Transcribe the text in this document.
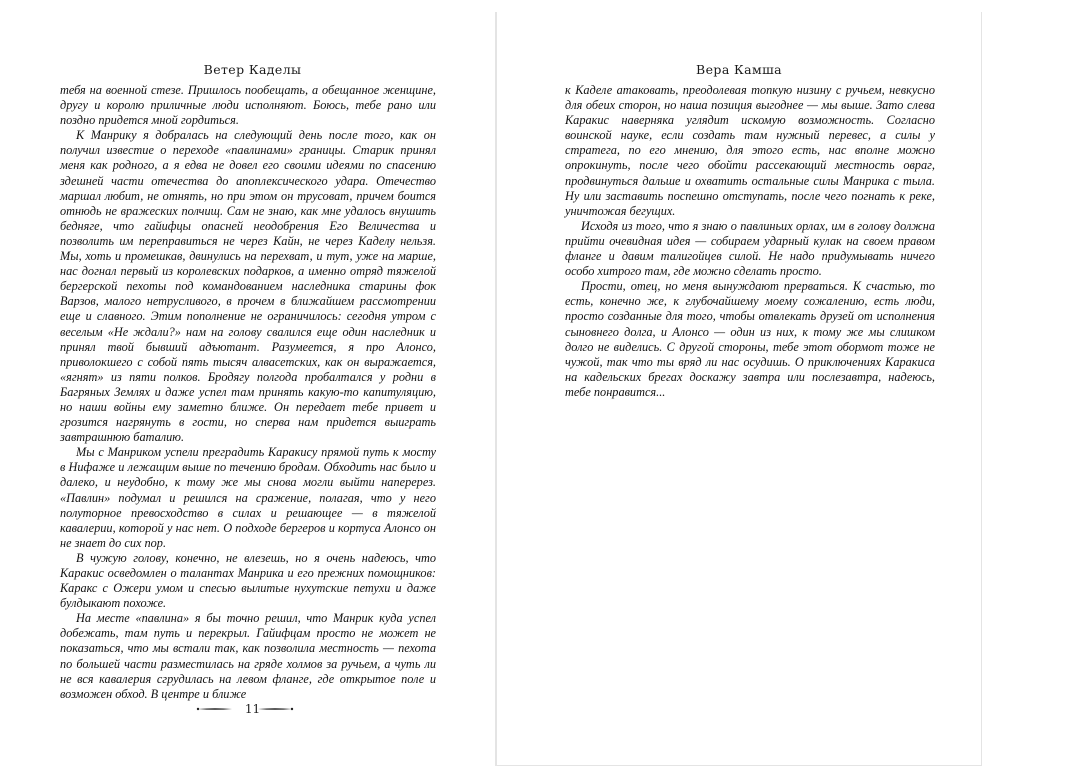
Ветер Каделы

тебя на военной стезе. Пришлось пообещать, а обещанное женщине, другу и королю приличные люди исполняют. Боюсь, тебе рано или поздно придется мной гордиться.

К Манрику я добралась на следующий день после того, как он получил известие о переходе «павлинами» границы. Старик принял меня как родного, а я едва не довел его своими идеями по спасению здешней части отечества до апоплексического удара. Отечество маршал любит, не отнять, но при этом он трусоват, причем боится отнюдь не вражеских полчищ. Сам не знаю, как мне удалось внушить бедняге, что гайифцы опасней неодобрения Его Величества и позволить им переправиться не через Кайн, не через Каделу нельзя. Мы, хоть и промешкав, двинулись на перехват, и тут, уже на марше, нас догнал первый из королевских подарков, а именно отряд тяжелой бергерской пехоты под командованием наследника старины фок Варзов, малого нетрусливого, в прочем в ближайшем рассмотрении еще и славного. Этим пополнение не ограничилось: сегодня утром с веселым «Не ждали?» нам на голову свалился еще один наследник и принял твой бывший адъютант. Разумеется, я про Алонсо, приволокшего с собой пять тысяч алвасетских, как он выражается, «ягнят» из пяти полков. Бродягу полгода пробалтался у родни в Багряных Землях и даже успел там принять какую-то капитуляцию, но наши войны ему заметно ближе. Он передает тебе привет и грозится нагрянуть в гости, но сперва нам придется выиграть завтрашнюю баталию.

Мы с Манриком успели преградить Каракису прямой путь к мосту в Нифаже и лежащим выше по течению бродам. Обходить нас было и далеко, и неудобно, к тому же мы снова могли выйти наперерез. «Павлин» подумал и решился на сражение, полагая, что у него полуторное превосходство в силах и решающее — в тяжелой кавалерии, которой у нас нет. О подходе бергеров и кортуса Алонсо он не знает до сих пор.

В чужую голову, конечно, не влезешь, но я очень надеюсь, что Каракис осведомлен о талантах Манрика и его прежних помощников: Каракс с Ожери умом и спесью вылитые нухутские петухи и даже булдыкают похоже.

На месте «павлина» я бы точно решил, что Манрик куда успел добежать, там путь и перекрыл. Гайифцам просто не может не показаться, что мы встали так, как позволила местность — пехота по большей части разместилась на гряде холмов за ручьем, а чуть ли не вся кавалерия сгрудилась на левом фланге, где открытое поле и возможен обход. В центре и ближе

11
Вера Камша

к Каделе атаковать, преодолевая топкую низину с ручьем, невкусно для обеих сторон, но наша позиция выгоднее — мы выше. Зато слева Каракис наверняка углядит искомую возможность. Согласно воинской науке, если создать там нужный перевес, а силы у стратега, по его мнению, для этого есть, нас вполне можно опрокинуть, после чего обойти рассекающий местность овраг, продвинуться дальше и охватить остальные силы Манрика с тыла. Ну или заставить поспешно отступать, после чего погнать к реке, уничтожая бегущих.

Исходя из того, что я знаю о павлиньих орлах, им в голову должна прийти очевидная идея — собираем ударный кулак на своем правом фланге и давим талигойцев силой. Не надо придумывать ничего особо хитрого там, где можно сделать просто.

Прости, отец, но меня вынуждают прерваться. К счастью, то есть, конечно же, к глубочайшему моему сожалению, есть люди, просто созданные для того, чтобы отвлекать друзей от исполнения сыновнего долга, и Алонсо — один из них, к тому же мы слишком долго не виделись. С другой стороны, тебе этот обормот тоже не чужой, так что ты вряд ли нас осудишь. О приключениях Каракиса на кадельских брегах доскажу завтра или послезавтра, надеюсь, тебе понравится...
